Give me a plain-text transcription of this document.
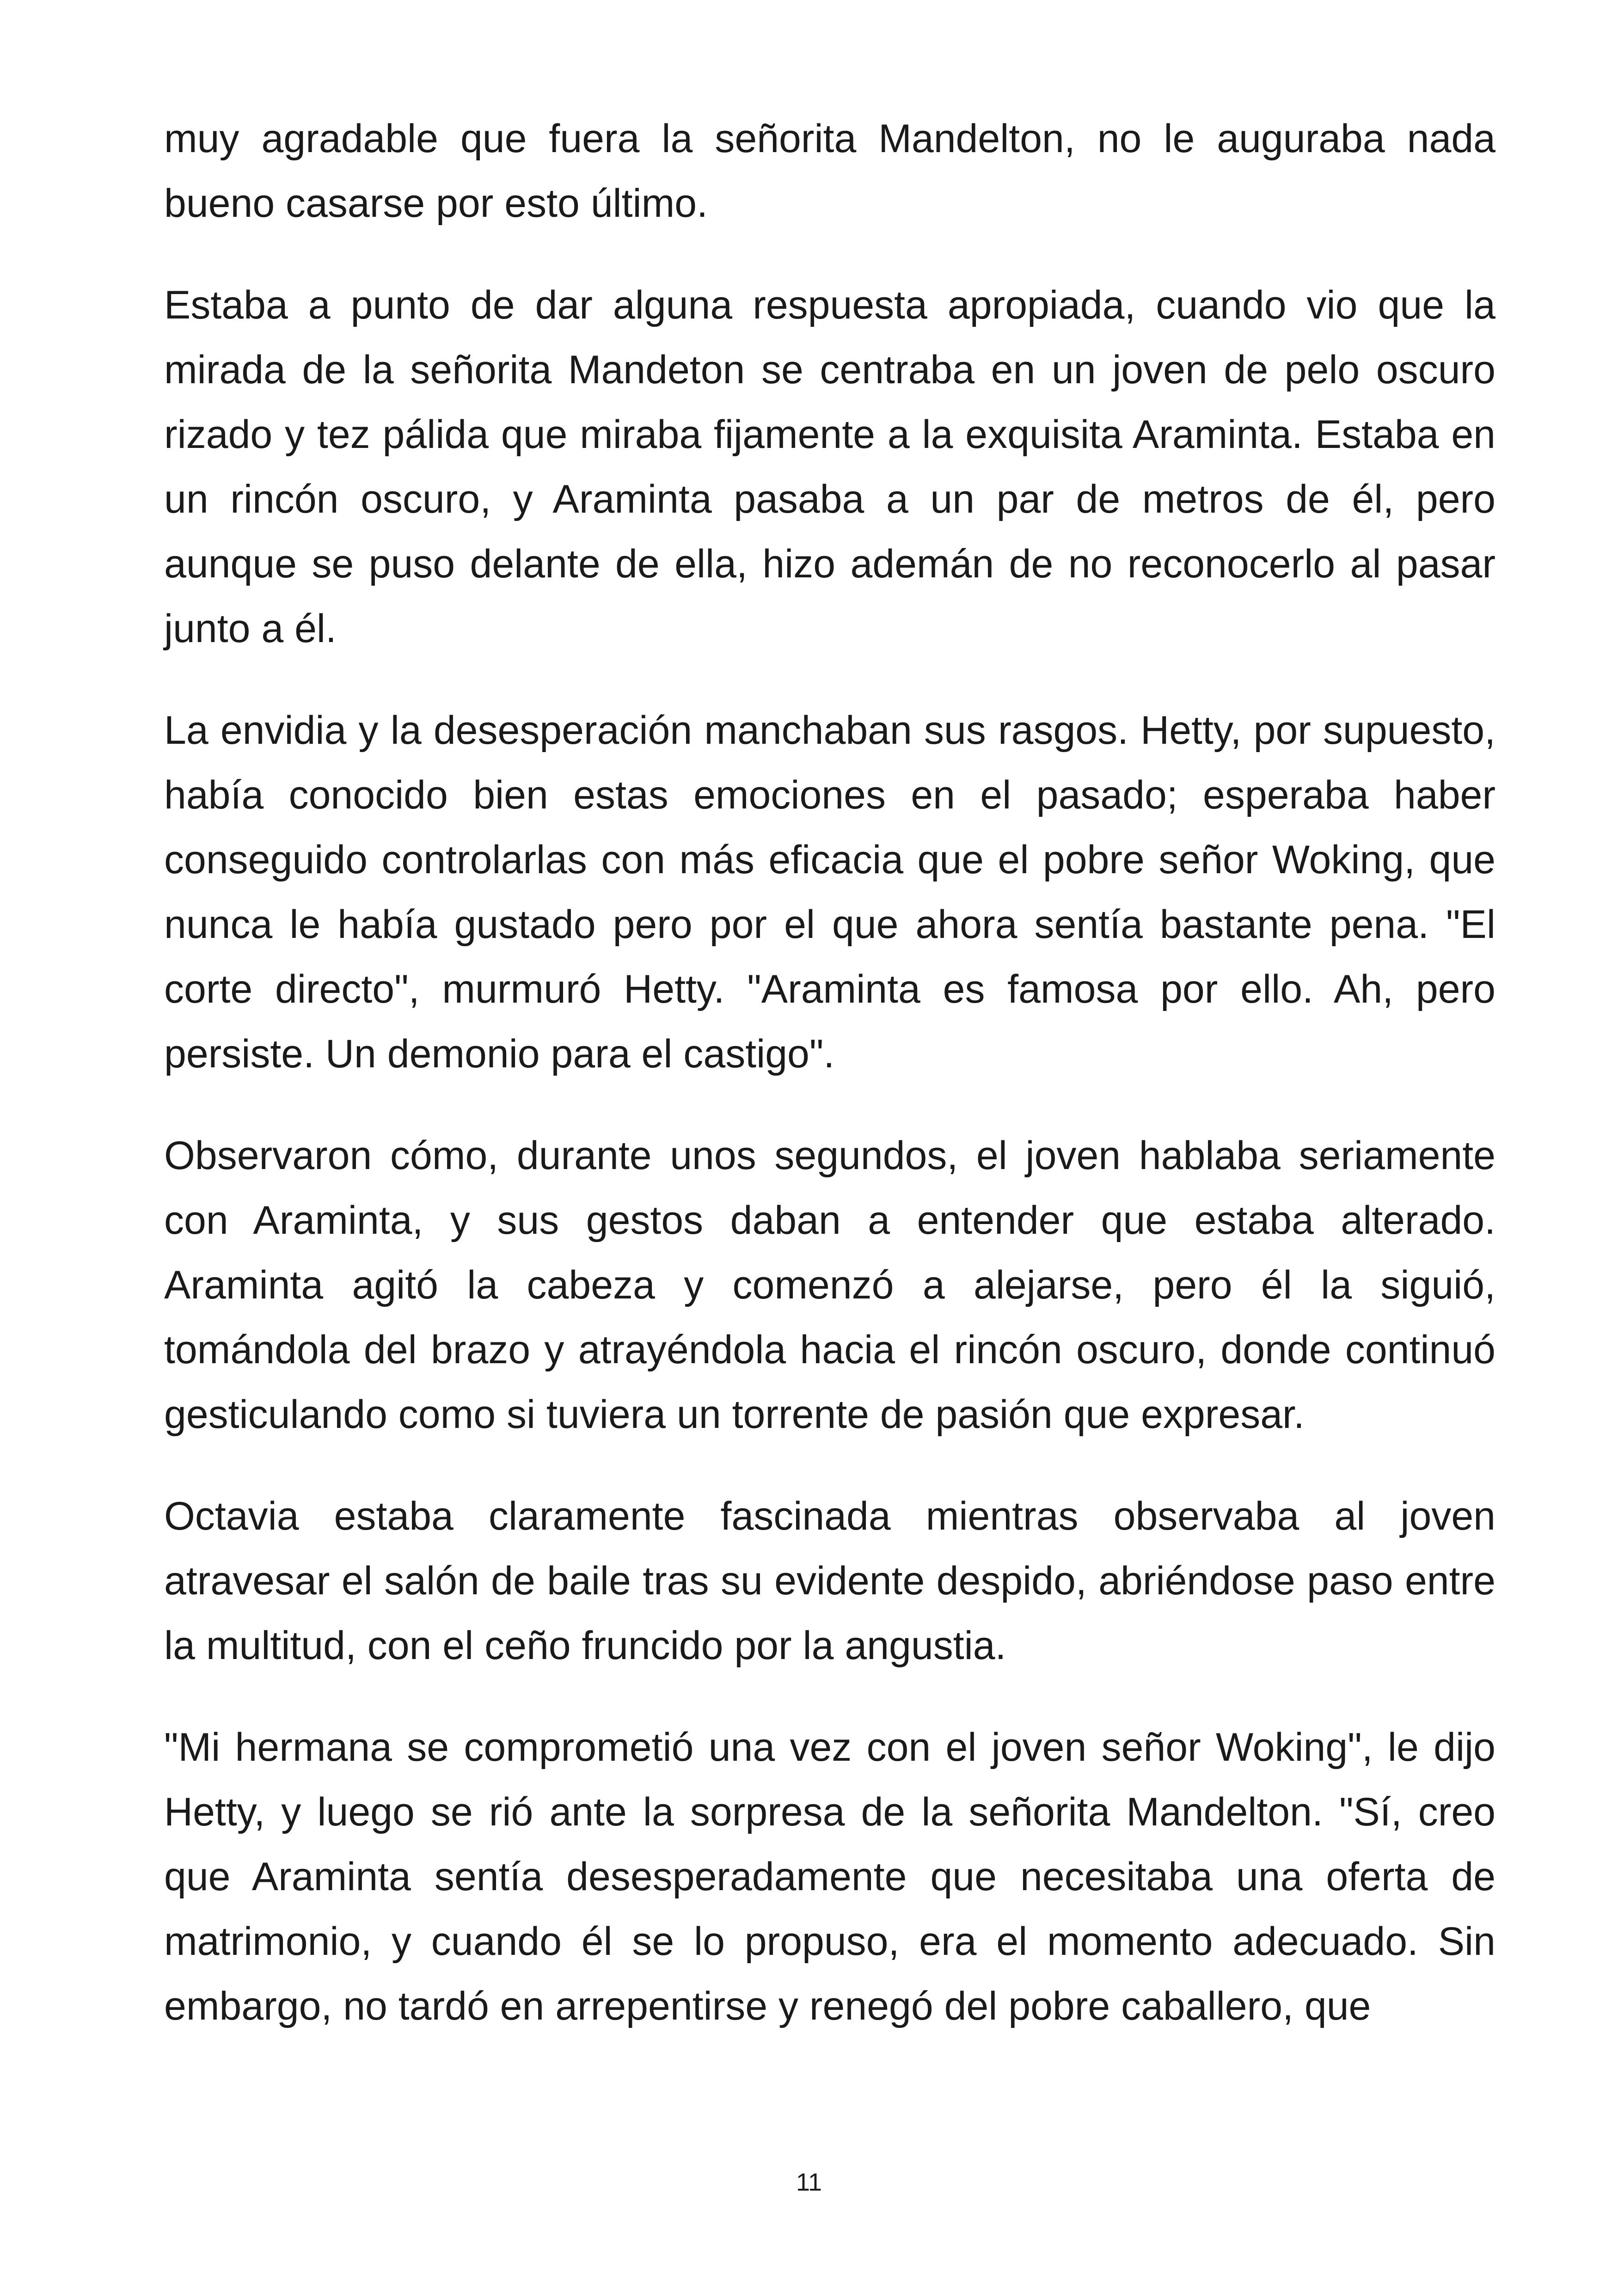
muy agradable que fuera la señorita Mandelton, no le auguraba nada bueno casarse por esto último.

Estaba a punto de dar alguna respuesta apropiada, cuando vio que la mirada de la señorita Mandeton se centraba en un joven de pelo oscuro rizado y tez pálida que miraba fijamente a la exquisita Araminta. Estaba en un rincón oscuro, y Araminta pasaba a un par de metros de él, pero aunque se puso delante de ella, hizo ademán de no reconocerlo al pasar junto a él.

La envidia y la desesperación manchaban sus rasgos. Hetty, por supuesto, había conocido bien estas emociones en el pasado; esperaba haber conseguido controlarlas con más eficacia que el pobre señor Woking, que nunca le había gustado pero por el que ahora sentía bastante pena. "El corte directo", murmuró Hetty. "Araminta es famosa por ello. Ah, pero persiste. Un demonio para el castigo".

Observaron cómo, durante unos segundos, el joven hablaba seriamente con Araminta, y sus gestos daban a entender que estaba alterado. Araminta agitó la cabeza y comenzó a alejarse, pero él la siguió, tomándola del brazo y atrayéndola hacia el rincón oscuro, donde continuó gesticulando como si tuviera un torrente de pasión que expresar.

Octavia estaba claramente fascinada mientras observaba al joven atravesar el salón de baile tras su evidente despido, abriéndose paso entre la multitud, con el ceño fruncido por la angustia.

"Mi hermana se comprometió una vez con el joven señor Woking", le dijo Hetty, y luego se rió ante la sorpresa de la señorita Mandelton. "Sí, creo que Araminta sentía desesperadamente que necesitaba una oferta de matrimonio, y cuando él se lo propuso, era el momento adecuado. Sin embargo, no tardó en arrepentirse y renegó del pobre caballero, que

11
